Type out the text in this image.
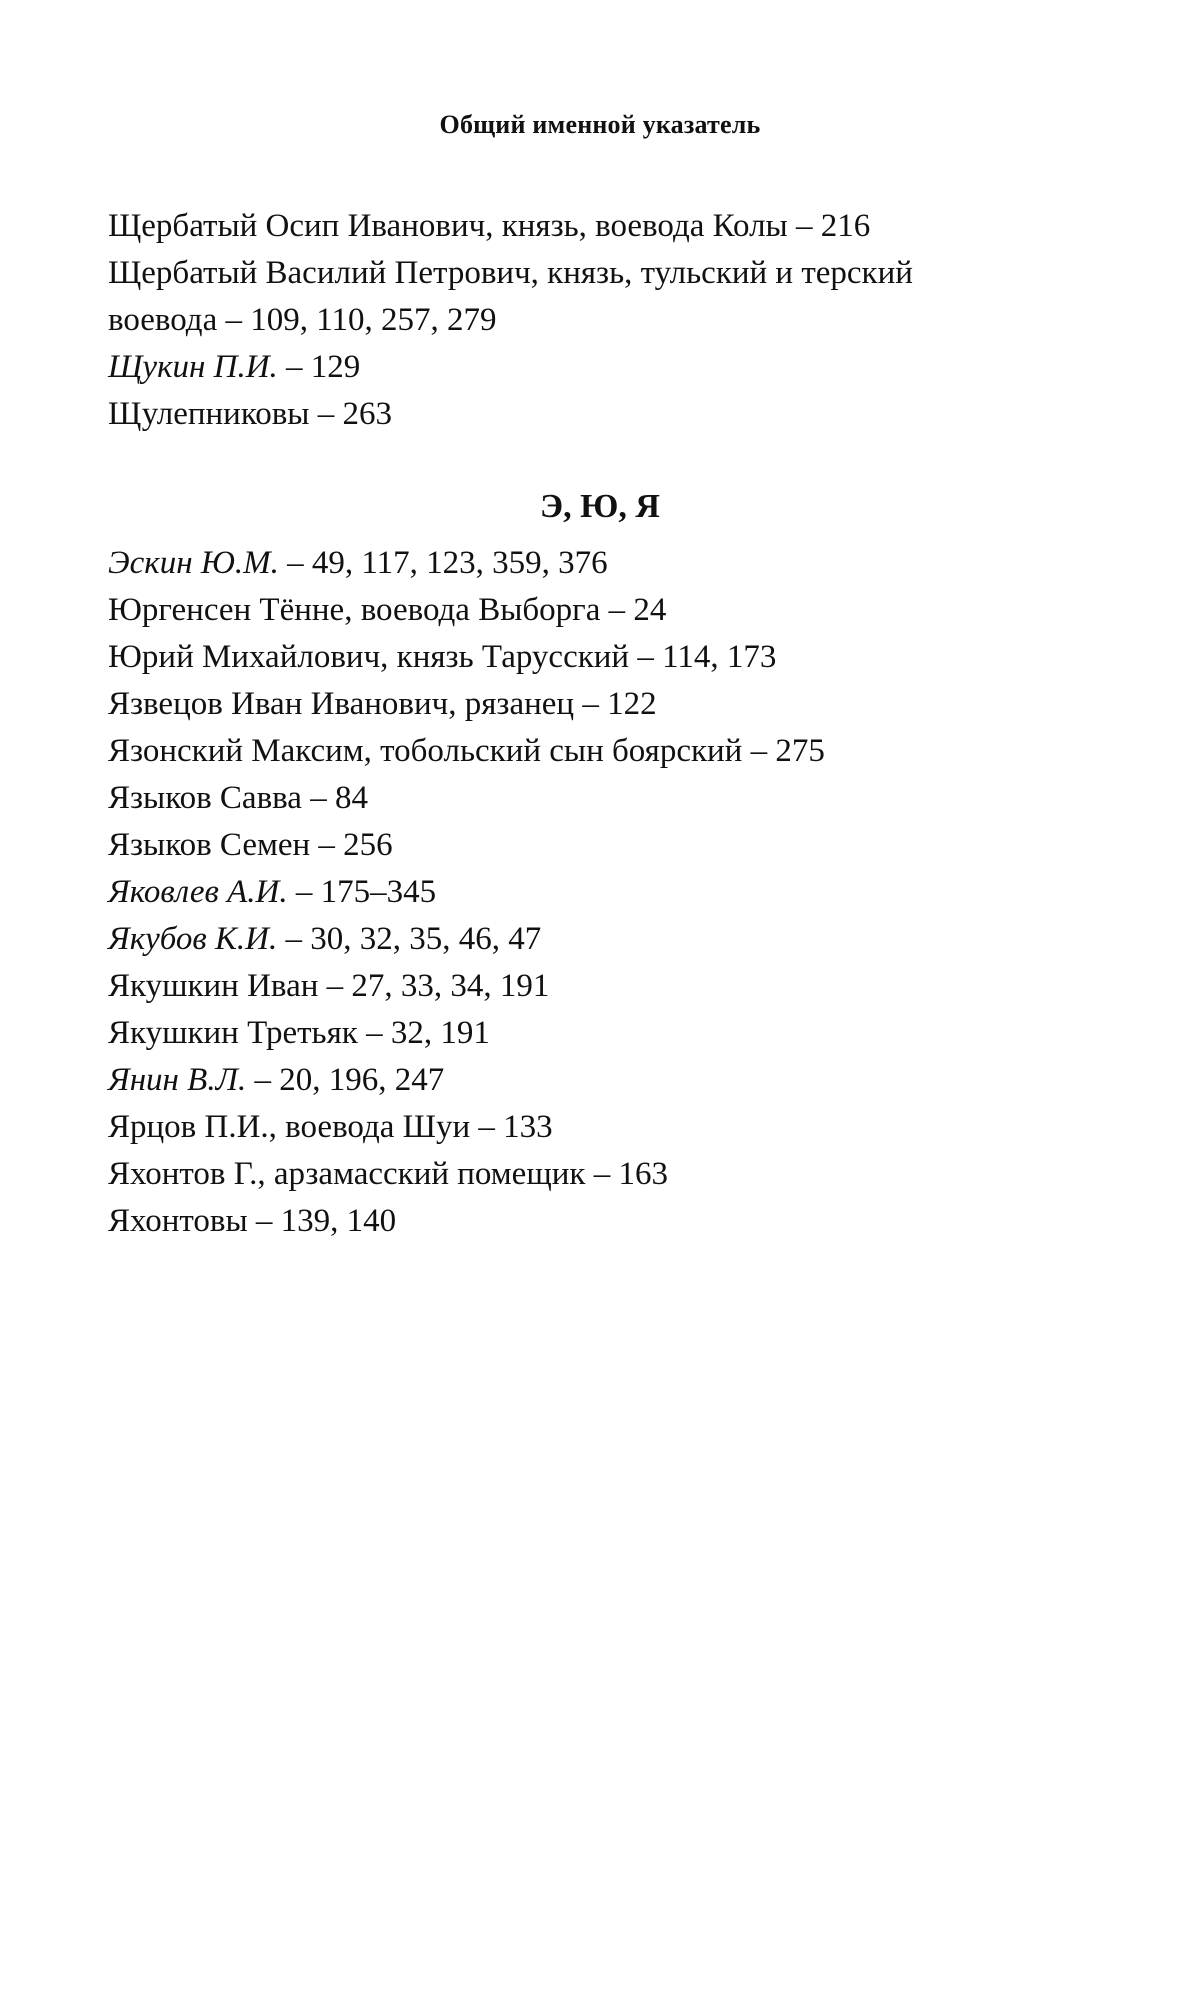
Общий именной указатель
Щербатый Осип Иванович, князь, воевода Колы – 216
Щербатый Василий Петрович, князь, тульский и терский
воевода – 109, 110, 257, 279
Щукин П.И. – 129
Щулепниковы – 263
Э, Ю, Я
Эскин Ю.М. – 49, 117, 123, 359, 376
Юргенсен Тённе, воевода Выборга – 24
Юрий Михайлович, князь Тарусский – 114, 173
Язвецов Иван Иванович, рязанец – 122
Язонский Максим, тобольский сын боярский – 275
Языков Савва – 84
Языков Семен – 256
Яковлев А.И. – 175–345
Якубов К.И. – 30, 32, 35, 46, 47
Якушкин Иван – 27, 33, 34, 191
Якушкин Третьяк – 32, 191
Янин В.Л. – 20, 196, 247
Ярцов П.И., воевода Шуи – 133
Яхонтов Г., арзамасский помещик – 163
Яхонтовы – 139, 140
